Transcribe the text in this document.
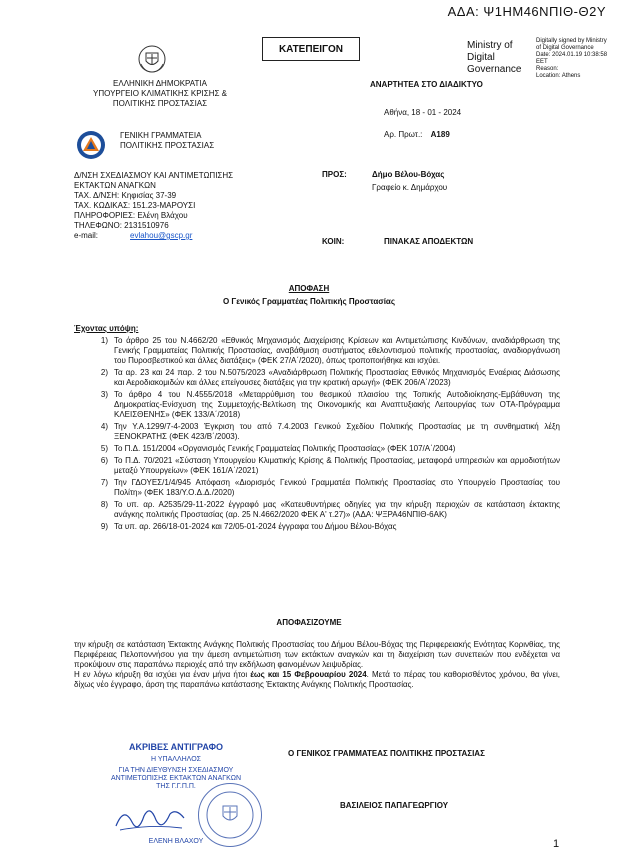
ΑΔΑ: Ψ1ΗΜ46ΝΠΙΘ-Θ2Υ
ΚΑΤΕΠΕΙΓΟΝ	Ministry of Digital Governance
Digitally signed by Ministry of Digital Governance
Date: 2024.01.19 10:38:58 EET
Reason:
Location: Athens
ΕΛΛΗΝΙΚΗ ΔΗΜΟΚΡΑΤΙΑ
ΥΠΟΥΡΓΕΙΟ ΚΛΙΜΑΤΙΚΗΣ ΚΡΙΣΗΣ &
ΠΟΛΙΤΙΚΗΣ ΠΡΟΣΤΑΣΙΑΣ
ΓΕΝΙΚΗ ΓΡΑΜΜΑΤΕΙΑ
ΠΟΛΙΤΙΚΗΣ ΠΡΟΣΤΑΣΙΑΣ
Δ/ΝΣΗ ΣΧΕΔΙΑΣΜΟΥ ΚΑΙ ΑΝΤΙΜΕΤΩΠΙΣΗΣ
ΕΚΤΑΚΤΩΝ ΑΝΑΓΚΩΝ
ΤΑΧ. Δ/ΝΣΗ: Κηφισίας 37-39
ΤΑΧ. ΚΩΔΙΚΑΣ: 151.23-ΜΑΡΟΥΣΙ
ΠΛΗΡΟΦΟΡΙΕΣ: Ελένη Βλάχου
ΤΗΛΕΦΩΝΟ: 2131510976
e-mail:	evlahou@gscp.gr
ΑΝΑΡΤΗΤΕΑ ΣΤΟ ΔΙΑΔΙΚΤΥΟ
Αθήνα, 18 - 01 - 2024
Αρ. Πρωτ.: Α189
ΠΡΟΣ:	Δήμο Βέλου-Βόχας
Γραφείο κ. Δημάρχου
ΚΟΙΝ:	ΠΙΝΑΚΑΣ ΑΠΟΔΕΚΤΩΝ
ΑΠΟΦΑΣΗ
Ο Γενικός Γραμματέας Πολιτικής Προστασίας
Έχοντας υπόψη:
1) Το άρθρο 25 του Ν.4662/20 «Εθνικός Μηχανισμός Διαχείρισης Κρίσεων και Αντιμετώπισης Κινδύνων, αναδιάρθρωση της Γενικής Γραμματείας Πολιτικής Προστασίας, αναβάθμιση συστήματος εθελοντισμού πολιτικής προστασίας, αναδιοργάνωση του Πυροσβεστικού και άλλες διατάξεις» (ΦΕΚ 27/Α΄/2020), όπως τροποποιήθηκε και ισχύει.
2) Τα αρ. 23 και 24 παρ. 2 του Ν.5075/2023 «Αναδιάρθρωση Πολιτικής Προστασίας Εθνικός Μηχανισμός Εναέριας Διάσωσης και Αεροδιακομιδών και άλλες επείγουσες διατάξεις για την κρατική αρωγή» (ΦΕΚ 206/Α΄/2023)
3) Το άρθρο 4 του Ν.4555/2018 «Μεταρρύθμιση του θεσμικού πλαισίου της Τοπικής Αυτοδιοίκησης-Εμβάθυνση της Δημοκρατίας-Ενίσχυση της Συμμετοχής-Βελτίωση της Οικονομικής και Αναπτυξιακής Λειτουργίας των ΟΤΑ-Πρόγραμμα ΚΛΕΙΣΘΕΝΗΣ» (ΦΕΚ 133/Α΄/2018)
4) Την Υ.Α.1299/7-4-2003 Έγκριση του από 7.4.2003 Γενικού Σχεδίου Πολιτικής Προστασίας με τη συνθηματική λέξη ΞΕΝΟΚΡΑΤΗΣ (ΦΕΚ 423/Β΄/2003).
5) Το Π.Δ. 151/2004 «Οργανισμός Γενικής Γραμματείας Πολιτικής Προστασίας» (ΦΕΚ 107/Α΄/2004)
6) Το Π.Δ. 70/2021 «Σύσταση Υπουργείου Κλιματικής Κρίσης & Πολιτικής Προστασίας, μεταφορά υπηρεσιών και αρμοδιοτήτων μεταξύ Υπουργείων» (ΦΕΚ 161/Α΄/2021)
7) Την ΓΔΟΥΕΣ/1/4/945 Απόφαση «Διορισμός Γενικού Γραμματέα Πολιτικής Προστασίας στο Υπουργείο Προστασίας του Πολίτη» (ΦΕΚ 183/Υ.Ο.Δ.Δ./2020)
8) Το υπ. αρ. Α2535/29-11-2022 έγγραφό μας «Κατευθυντήριες οδηγίες για την κήρυξη περιοχών σε κατάσταση έκτακτης ανάγκης πολιτικής Προστασίας (αρ. 25 Ν.4662/2020 ΦΕΚ Α' τ.27)» (ΑΔΑ: ΨΞΡΑ46ΝΠΙΘ-6ΑΚ)
9) Τα υπ. αρ. 266/18-01-2024 και 72/05-01-2024 έγγραφα του Δήμου Βέλου-Βόχας
ΑΠΟΦΑΣΙΖΟΥΜΕ
την κήρυξη σε κατάσταση Έκτακτης Ανάγκης Πολιτικής Προστασίας του Δήμου Βέλου-Βόχας της Περιφερειακής Ενότητας Κορινθίας, της Περιφέρειας Πελοποννήσου για την άμεση αντιμετώπιση των εκτάκτων αναγκών και τη διαχείριση των συνεπειών που ενδέχεται να προκύψουν στις παραπάνω περιοχές από την εκδήλωση φαινομένων λειψυδρίας.
Η εν λόγω κήρυξη θα ισχύει για έναν μήνα ήτοι έως και 15 Φεβρουαρίου 2024. Μετά το πέρας του καθορισθέντος χρόνου, θα γίνει, δίχως νέο έγγραφο, άρση της παραπάνω κατάστασης Έκτακτης Ανάγκης Πολιτικής Προστασίας.
ΑΚΡΙΒΕΣ ΑΝΤΙΓΡΑΦΟ
Η ΥΠΑΛΛΗΛΟΣ
ΓΙΑ ΤΗΝ ΔΙΕΥΘΥΝΣΗ ΣΧΕΔΙΑΣΜΟΥ
ΑΝΤΙΜΕΤΩΠΙΣΗΣ ΕΚΤΑΚΤΩΝ ΑΝΑΓΚΩΝ
ΤΗΣ Γ.Γ.Π.Π.
ΕΛΕΝΗ ΒΛΑΧΟΥ
Ο ΓΕΝΙΚΟΣ ΓΡΑΜΜΑΤΕΑΣ ΠΟΛΙΤΙΚΗΣ ΠΡΟΣΤΑΣΙΑΣ
ΒΑΣΙΛΕΙΟΣ ΠΑΠΑΓΕΩΡΓΙΟΥ
1
